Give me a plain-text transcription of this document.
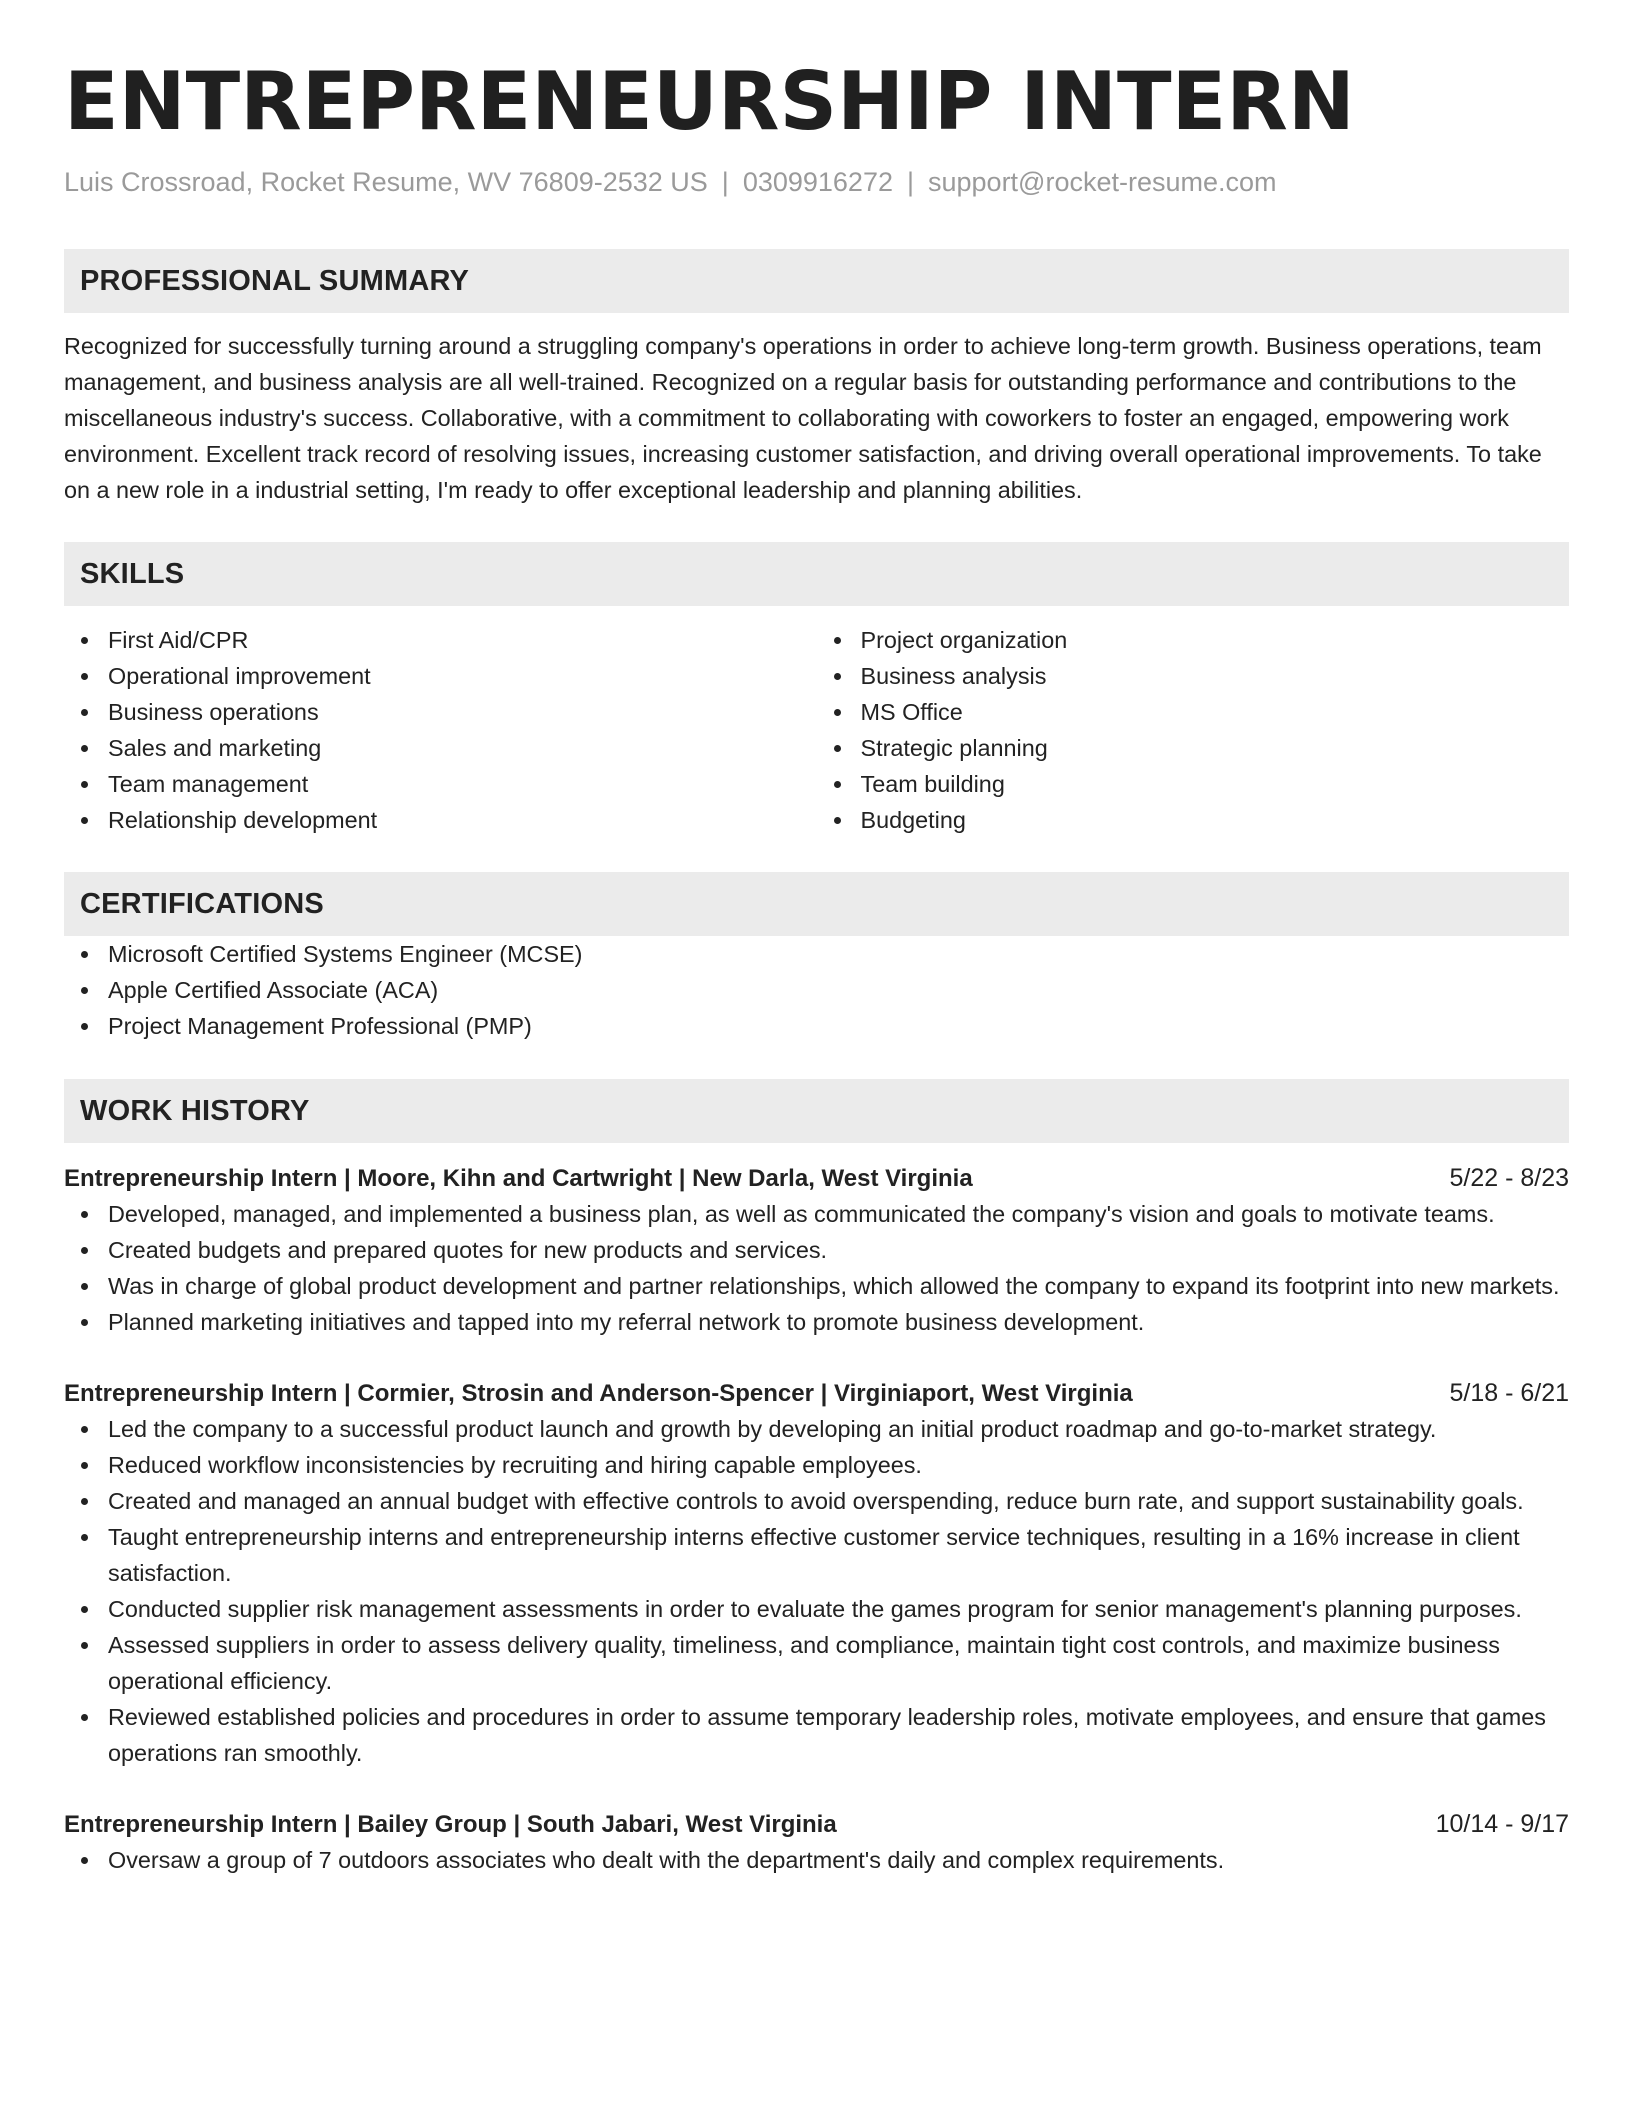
ENTREPRENEURSHIP INTERN
Luis Crossroad, Rocket Resume, WV 76809-2532 US | 0309916272 | support@rocket-resume.com
PROFESSIONAL SUMMARY

Recognized for successfully turning around a struggling company's operations in order to achieve long-term growth. Business operations, team management, and business analysis are all well-trained. Recognized on a regular basis for outstanding performance and contributions to the miscellaneous industry's success. Collaborative, with a commitment to collaborating with coworkers to foster an engaged, empowering work environment. Excellent track record of resolving issues, increasing customer satisfaction, and driving overall operational improvements. To take on a new role in a industrial setting, I'm ready to offer exceptional leadership and planning abilities.

SKILLS
First Aid/CPR
Operational improvement
Business operations
Sales and marketing
Team management
Relationship development
Project organization
Business analysis
MS Office
Strategic planning
Team building
Budgeting
CERTIFICATIONS
Microsoft Certified Systems Engineer (MCSE)
Apple Certified Associate (ACA)
Project Management Professional (PMP)
WORK HISTORY
Entrepreneurship Intern | Moore, Kihn and Cartwright | New Darla, West Virginia	5/22 - 8/23
Developed, managed, and implemented a business plan, as well as communicated the company's vision and goals to motivate teams.
Created budgets and prepared quotes for new products and services.
Was in charge of global product development and partner relationships, which allowed the company to expand its footprint into new markets.
Planned marketing initiatives and tapped into my referral network to promote business development.
Entrepreneurship Intern | Cormier, Strosin and Anderson-Spencer | Virginiaport, West Virginia	5/18 - 6/21
Led the company to a successful product launch and growth by developing an initial product roadmap and go-to-market strategy.
Reduced workflow inconsistencies by recruiting and hiring capable employees.
Created and managed an annual budget with effective controls to avoid overspending, reduce burn rate, and support sustainability goals.
Taught entrepreneurship interns and entrepreneurship interns effective customer service techniques, resulting in a 16% increase in client satisfaction.
Conducted supplier risk management assessments in order to evaluate the games program for senior management's planning purposes.
Assessed suppliers in order to assess delivery quality, timeliness, and compliance, maintain tight cost controls, and maximize business operational efficiency.
Reviewed established policies and procedures in order to assume temporary leadership roles, motivate employees, and ensure that games operations ran smoothly.
Entrepreneurship Intern | Bailey Group | South Jabari, West Virginia	10/14 - 9/17
Oversaw a group of 7 outdoors associates who dealt with the department's daily and complex requirements.
